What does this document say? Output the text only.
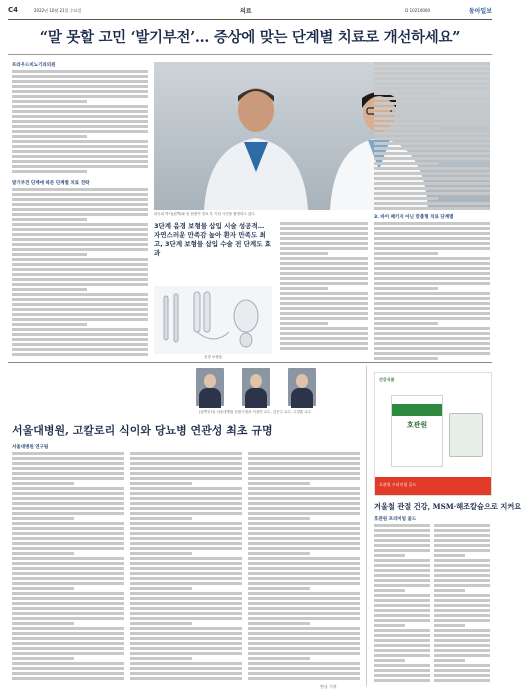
C4	2022년 10월 21일 수요일	의료	D 10210000	동아일보
“말 못할 고민 ‘발기부전’… 증상에 맞는 단계별 치료로 개선하세요”
프라우드비뇨기과의원
발기부전 단계에 따른 단계별 치료 전략
파우쉬 박사(왼쪽)와 한 원장이 진료 후 기념 사진을 촬영하고 있다.
3단계 음경 보형물 삽입 시술 성공적… 자연스러운 만족감 높아 환자 만족도 최고, 3단계 보형물 삽입 수술 전 단계도 효과
음경 보형물
3. 바이 패키지 아닌 맞춤형 치료 단계별
(왼쪽부터) 서울대병원 순환기내과 이상민 교수, 김은주 교수, 고경훈 교수
서울대병원, 고칼로리 식이와 당뇨병 연관성 최초 규명
서울대병원 연구팀
연규 기자
건강식품
호관원
호관원 프리미엄 골드
겨울철 관절 건강, MSM·해조칼슘으로 지켜요
호관원 프리미엄 골드
